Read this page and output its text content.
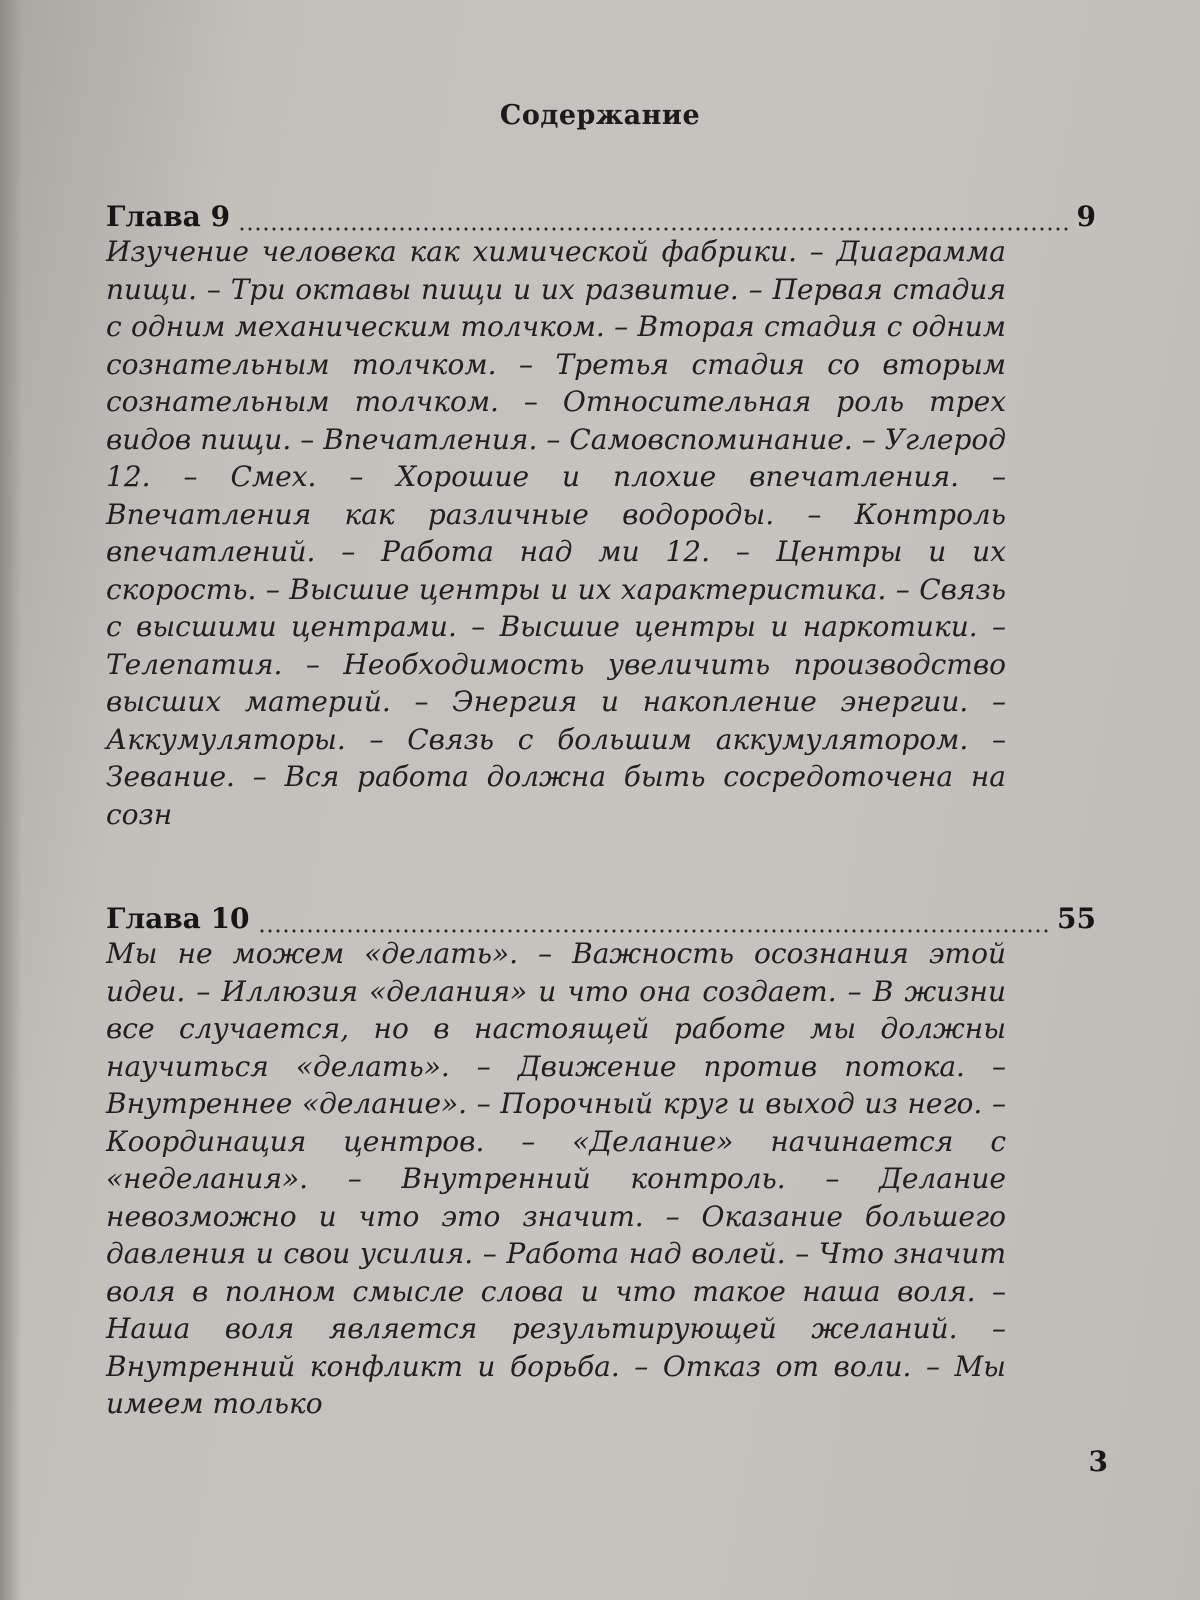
Содержание
Глава 9	9

Изучение человека как химической фабрики. – Диаграмма пищи. – Три октавы пищи и их развитие. – Первая стадия с одним механическим толчком. – Вторая стадия с одним сознательным толчком. – Третья стадия со вторым сознательным толчком. – Относительная роль трех видов пищи. – Впечатления. – Самовспоминание. – Углерод 12. – Смех. – Хорошие и плохие впечатления. – Впечатления как различные водороды. – Контроль впечатлений. – Работа над ми 12. – Центры и их скорость. – Высшие центры и их характеристика. – Связь с высшими центрами. – Высшие центры и наркотики. – Телепатия. – Необходимость увеличить производство высших материй. – Энергия и накопление энергии. – Аккумуляторы. – Связь с большим аккумулятором. – Зевание. – Вся работа должна быть сосредоточена на созн

Глава 10	55

Мы не можем «делать». – Важность осознания этой идеи. – Иллюзия «делания» и что она создает. – В жизни все случается, но в настоящей работе мы должны научиться «делать». – Движение против потока. – Внутреннее «делание». – Порочный круг и выход из него. – Координация центров. – «Делание» начинается с «неделания». – Внутренний контроль. – Делание невозможно и что это значит. – Оказание большего давления и свои усилия. – Работа над волей. – Что значит воля в полном смысле слова и что такое наша воля. – Наша воля является результирующей желаний. – Внутренний конфликт и борьба. – Отказ от воли. – Мы имеем только

3
